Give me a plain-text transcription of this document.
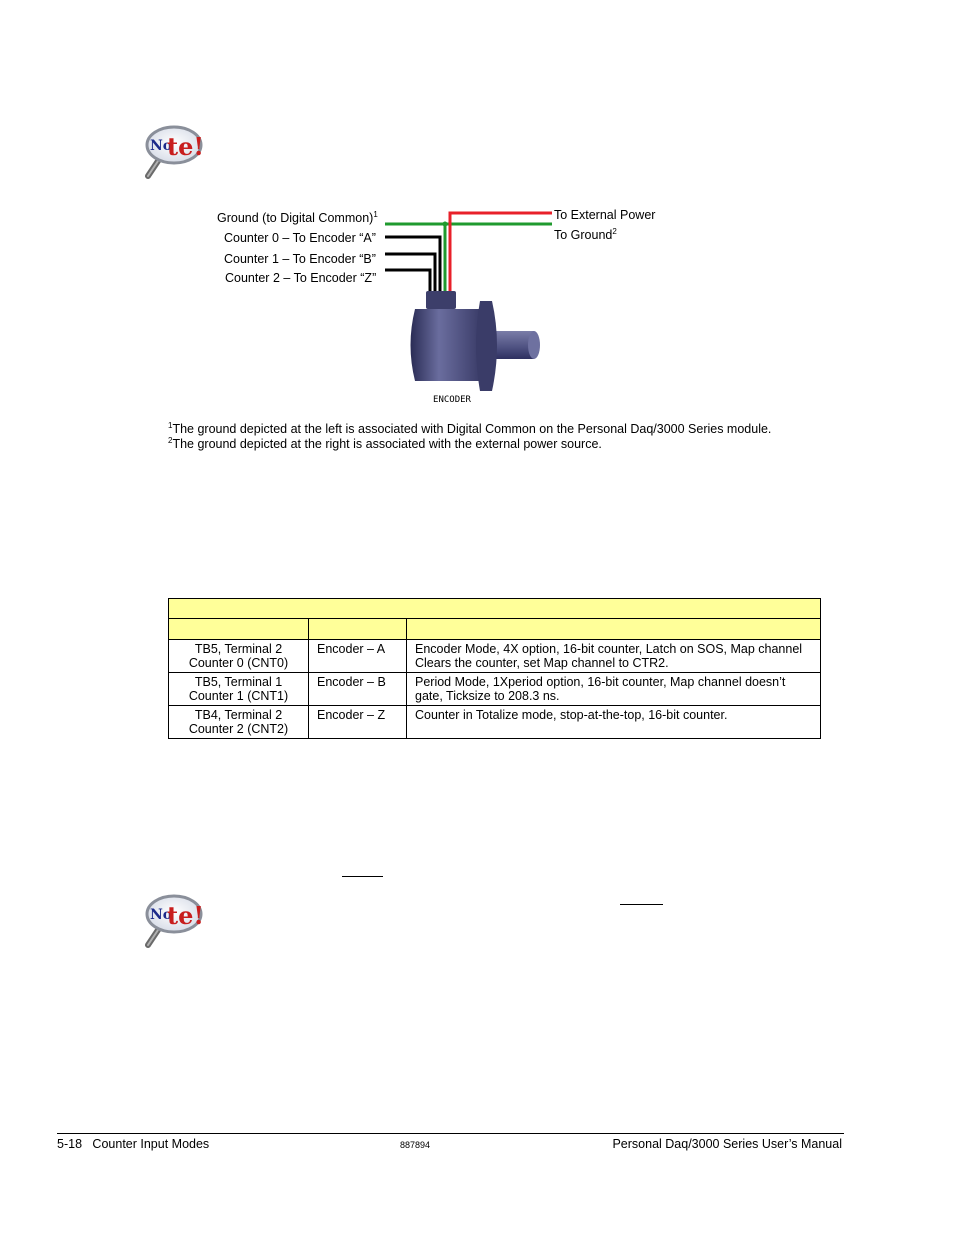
No
te!
Ground (to Digital Common)$^1$
Counter 0 – To Encoder “A”
Counter 1 – To Encoder “B”
Counter 2 – To Encoder “Z”
To External Power
To Ground$^2$
ENCODER
$^1$The ground depicted at the left is associated with Digital Common on the Personal Daq/3000 Series module.
$^2$The ground depicted at the right is associated with the external power source.

TB5, Terminal 2
Counter 0 (CNT0)	Encoder – A	Encoder Mode, 4X option, 16-bit counter, Latch on SOS, Map channel Clears the counter, set Map channel to CTR2.

TB5, Terminal 1
Counter 1 (CNT1)	Encoder – B	Period Mode, 1Xperiod option, 16-bit counter, Map channel doesn’t gate, Ticksize to 208.3 ns.

TB4, Terminal 2
Counter 2 (CNT2)	Encoder – Z	Counter in Totalize mode, stop-at-the-top, 16-bit counter.
No
te!
5-18   Counter Input Modes	887894	Personal Daq/3000 Series User’s Manual
